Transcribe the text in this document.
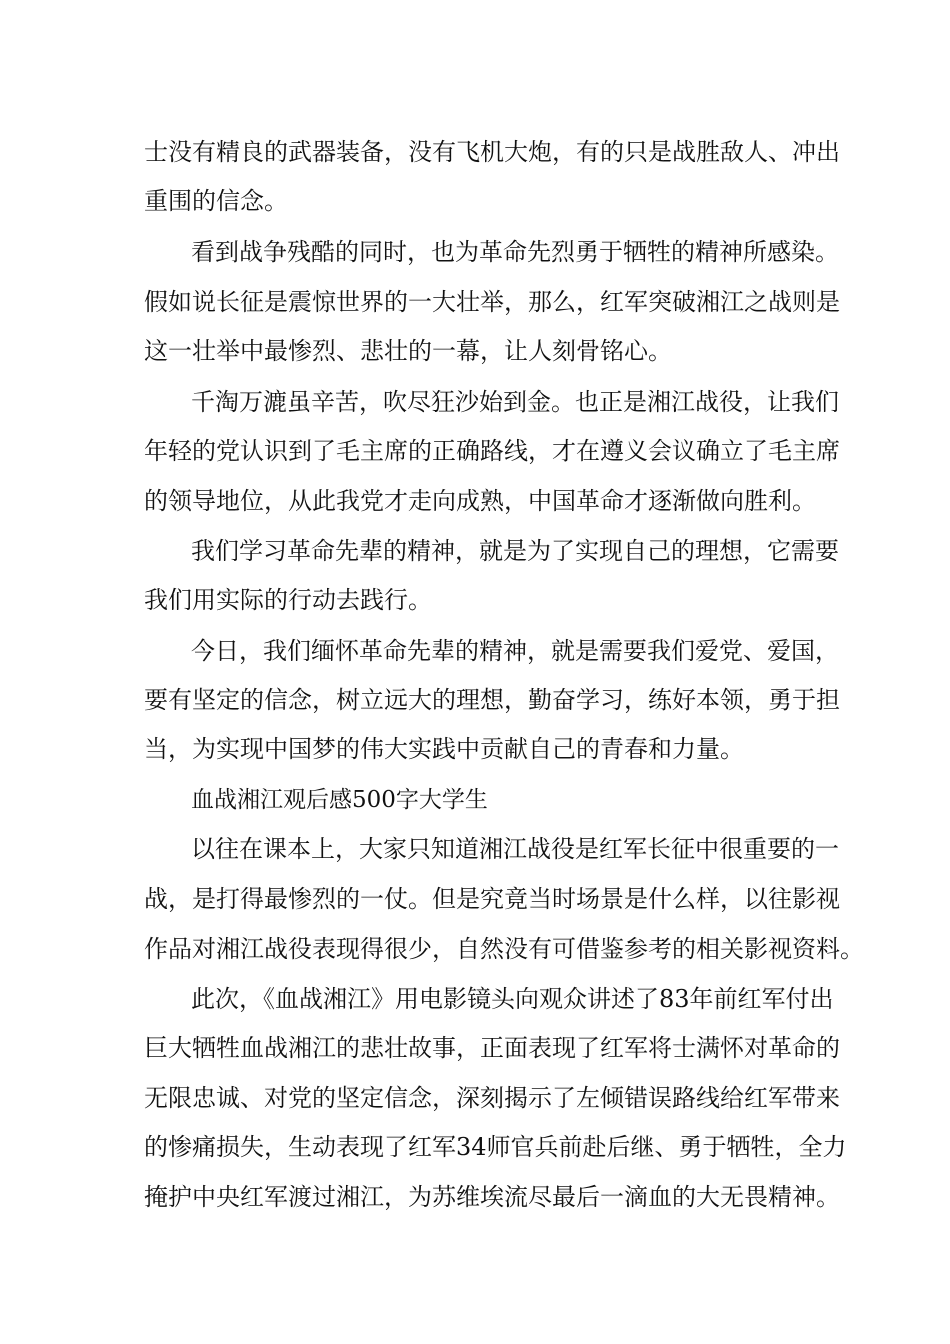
士没有精良的武器装备，没有飞机大炮，有的只是战胜敌人、冲出
重围的信念。
看到战争残酷的同时，也为革命先烈勇于牺牲的精神所感染。
假如说长征是震惊世界的一大壮举，那么，红军突破湘江之战则是
这一壮举中最惨烈、悲壮的一幕，让人刻骨铭心。
千淘万漉虽辛苦，吹尽狂沙始到金。也正是湘江战役，让我们
年轻的党认识到了毛主席的正确路线，才在遵义会议确立了毛主席
的领导地位，从此我党才走向成熟，中国革命才逐渐做向胜利。
我们学习革命先辈的精神，就是为了实现自己的理想，它需要
我们用实际的行动去践行。
今日，我们缅怀革命先辈的精神，就是需要我们爱党、爱国，
要有坚定的信念，树立远大的理想，勤奋学习，练好本领，勇于担
当，为实现中国梦的伟大实践中贡献自己的青春和力量。
血战湘江观后感500字大学生
以往在课本上，大家只知道湘江战役是红军长征中很重要的一
战，是打得最惨烈的一仗。但是究竟当时场景是什么样，以往影视
作品对湘江战役表现得很少，自然没有可借鉴参考的相关影视资料。
此次，《血战湘江》用电影镜头向观众讲述了83年前红军付出
巨大牺牲血战湘江的悲壮故事，正面表现了红军将士满怀对革命的
无限忠诚、对党的坚定信念，深刻揭示了左倾错误路线给红军带来
的惨痛损失，生动表现了红军34师官兵前赴后继、勇于牺牲，全力
掩护中央红军渡过湘江，为苏维埃流尽最后一滴血的大无畏精神。
